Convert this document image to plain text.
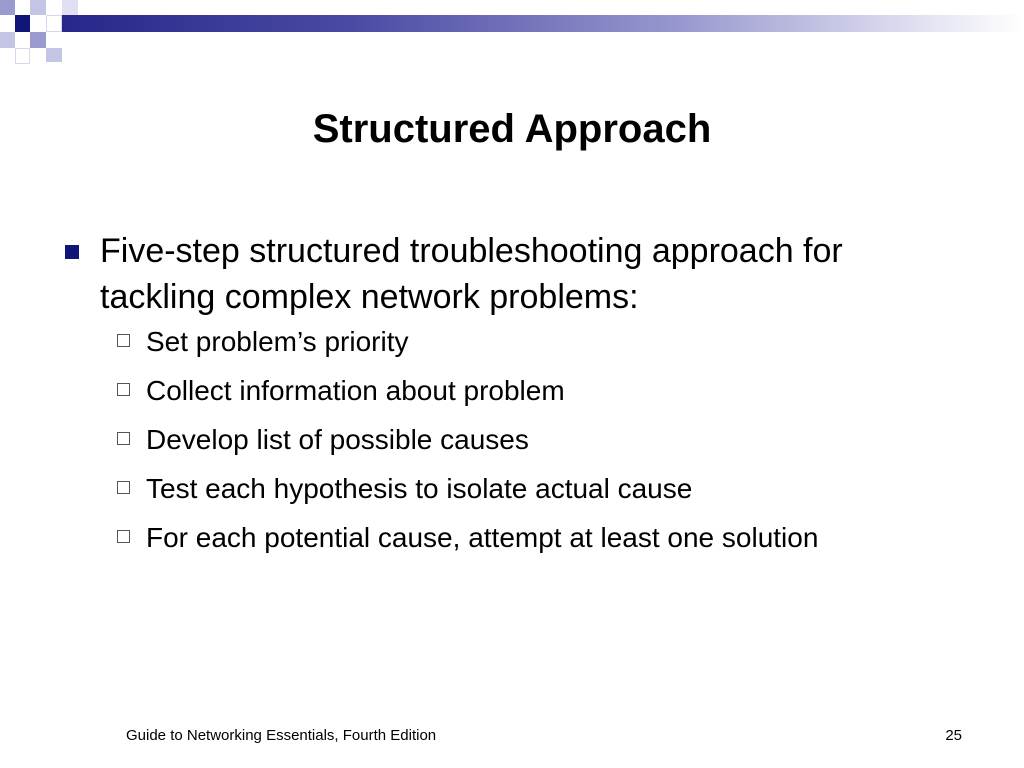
Structured Approach
Five-step structured troubleshooting approach for tackling complex network problems:
Set problem’s priority
Collect information about problem
Develop list of possible causes
Test each hypothesis to isolate actual cause
For each potential cause, attempt at least one solution
Guide to Networking Essentials, Fourth Edition	25
